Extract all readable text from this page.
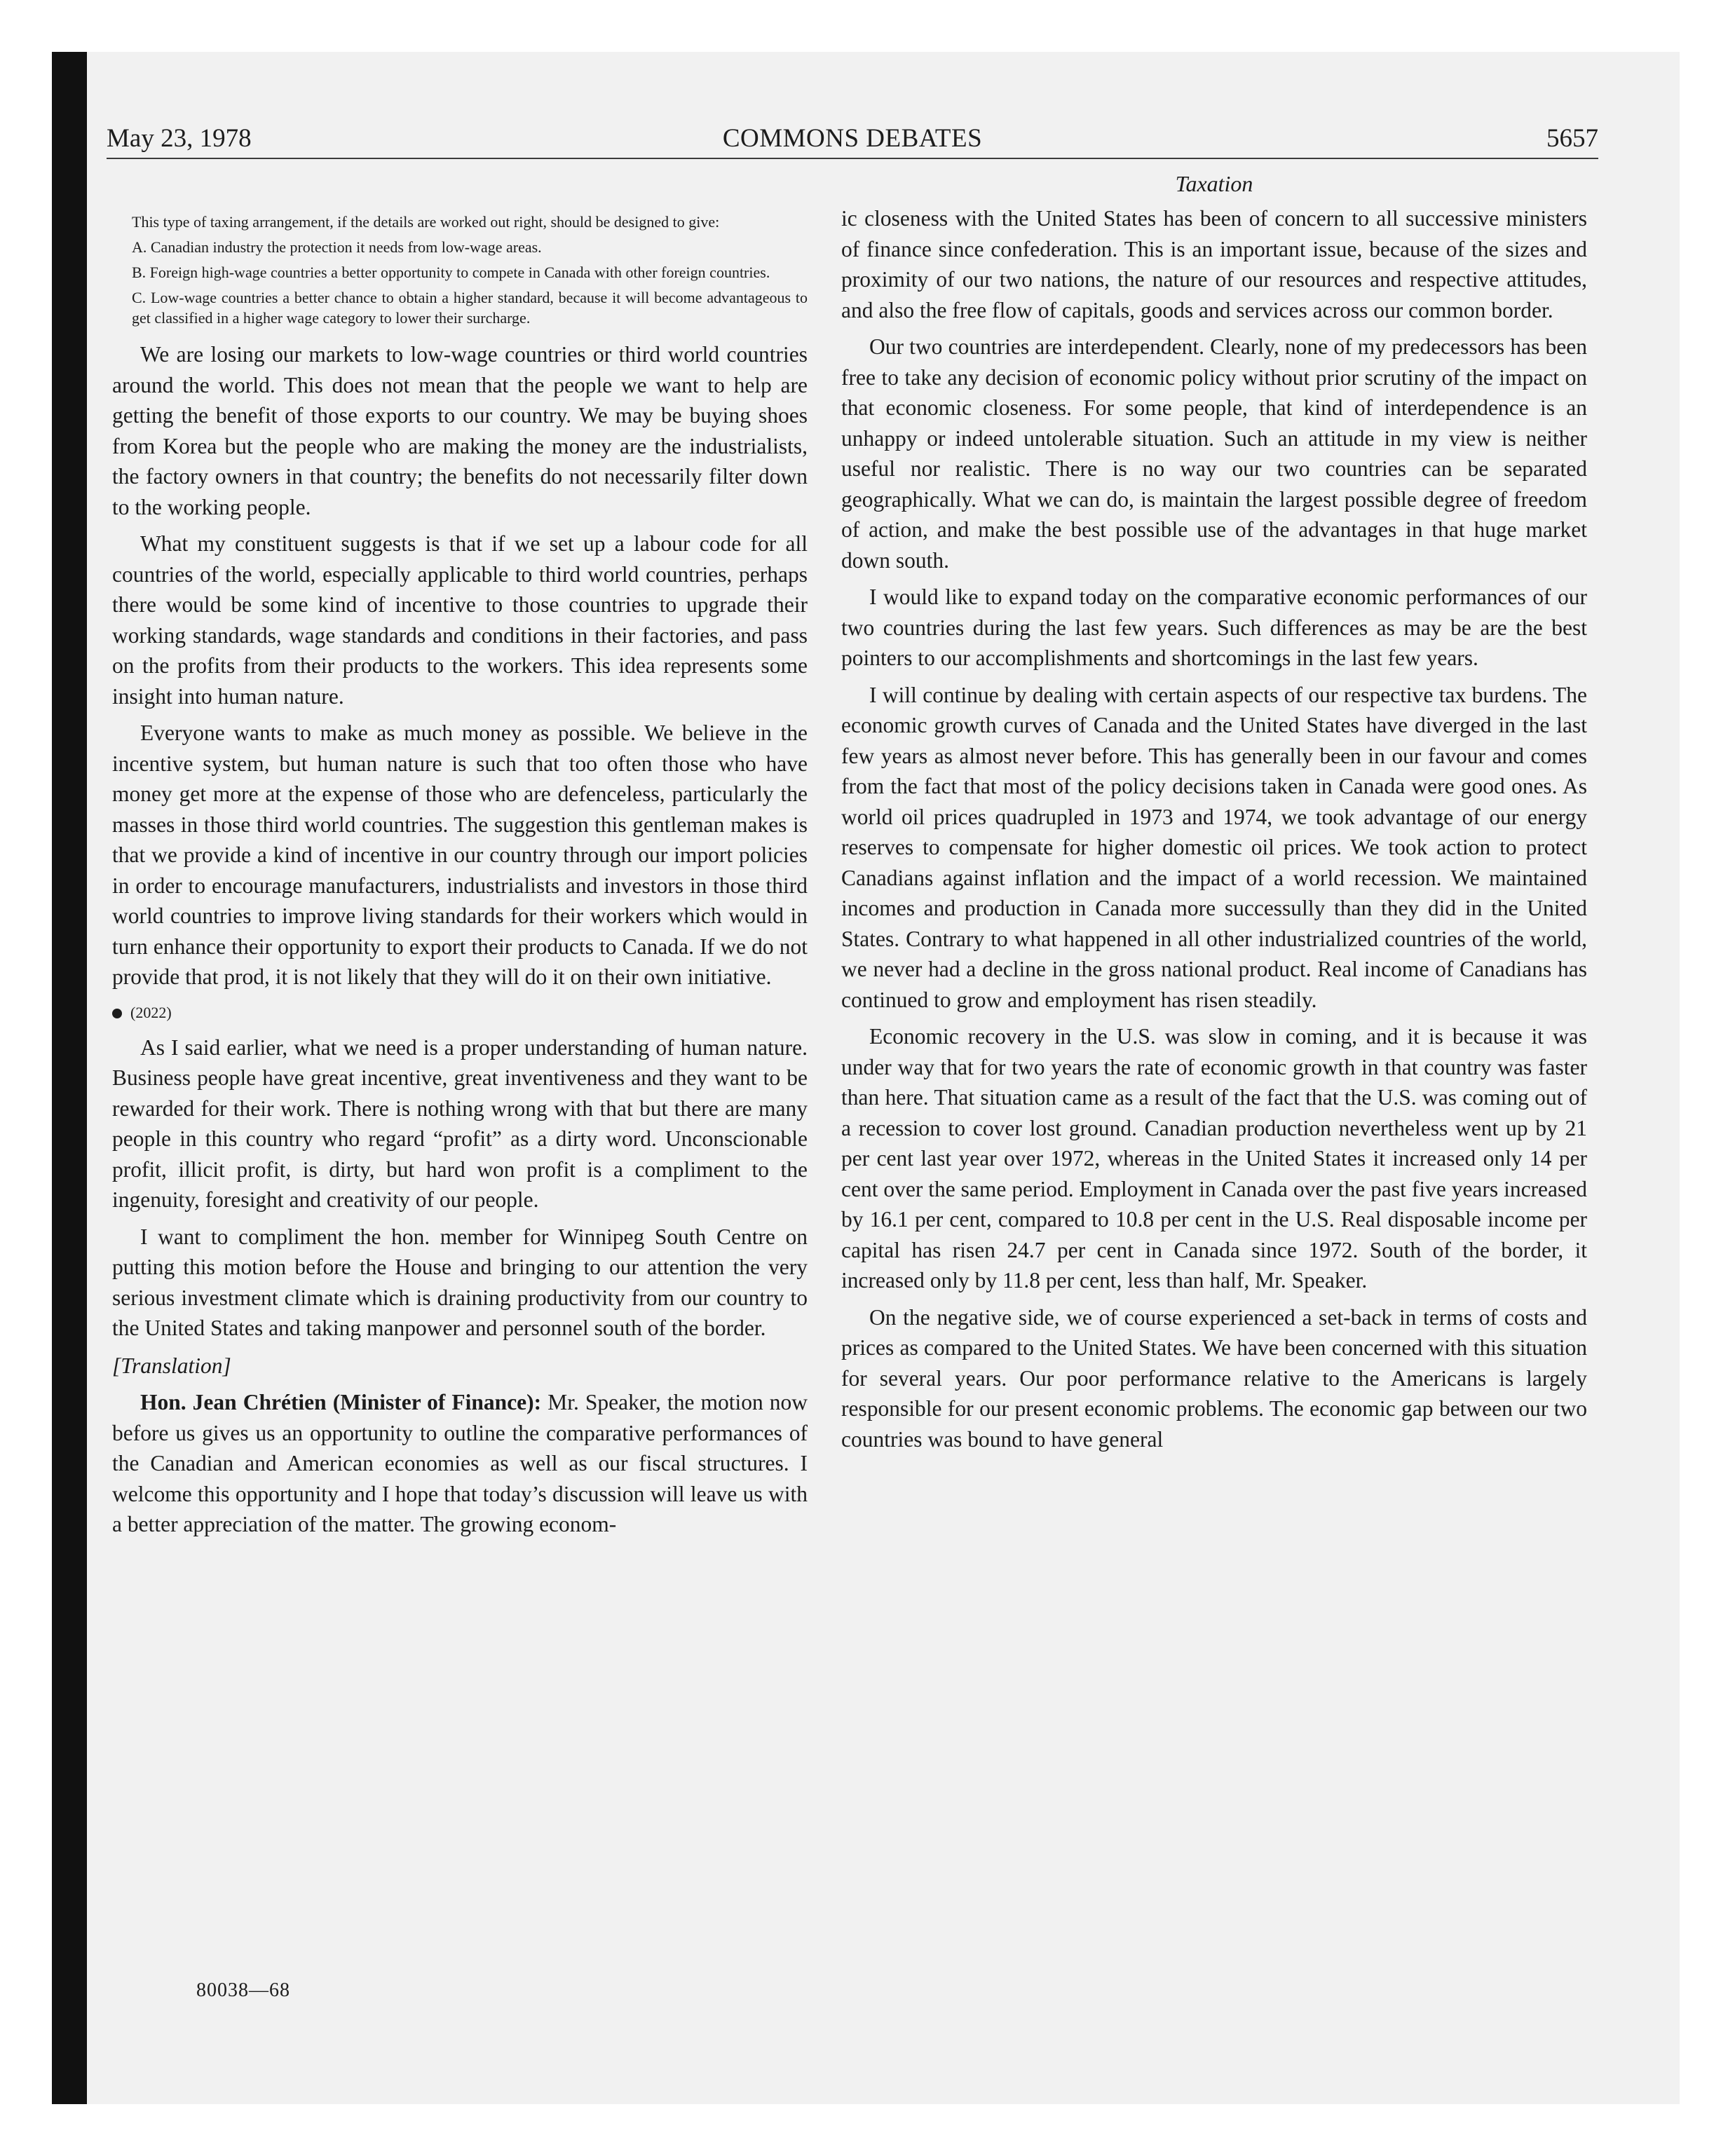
May 23, 1978	COMMONS DEBATES	5657
Taxation

This type of taxing arrangement, if the details are worked out right, should be designed to give:

A. Canadian industry the protection it needs from low-wage areas.

B. Foreign high-wage countries a better opportunity to compete in Canada with other foreign countries.

C. Low-wage countries a better chance to obtain a higher standard, because it will become advantageous to get classified in a higher wage category to lower their surcharge.

We are losing our markets to low-wage countries or third world countries around the world. This does not mean that the people we want to help are getting the benefit of those exports to our country. We may be buying shoes from Korea but the people who are making the money are the industrialists, the factory owners in that country; the benefits do not necessarily filter down to the working people.

What my constituent suggests is that if we set up a labour code for all countries of the world, especially applicable to third world countries, perhaps there would be some kind of incentive to those countries to upgrade their working standards, wage standards and conditions in their factories, and pass on the profits from their products to the workers. This idea represents some insight into human nature.

Everyone wants to make as much money as possible. We believe in the incentive system, but human nature is such that too often those who have money get more at the expense of those who are defenceless, particularly the masses in those third world countries. The suggestion this gentleman makes is that we provide a kind of incentive in our country through our import policies in order to encourage manufacturers, industrialists and investors in those third world countries to improve living standards for their workers which would in turn enhance their opportunity to export their products to Canada. If we do not provide that prod, it is not likely that they will do it on their own initiative.

(2022)

As I said earlier, what we need is a proper understanding of human nature. Business people have great incentive, great inventiveness and they want to be rewarded for their work. There is nothing wrong with that but there are many people in this country who regard “profit” as a dirty word. Unconscionable profit, illicit profit, is dirty, but hard won profit is a compliment to the ingenuity, foresight and creativity of our people.

I want to compliment the hon. member for Winnipeg South Centre on putting this motion before the House and bringing to our attention the very serious investment climate which is draining productivity from our country to the United States and taking manpower and personnel south of the border.

[Translation]

Hon. Jean Chrétien (Minister of Finance): Mr. Speaker, the motion now before us gives us an opportunity to outline the comparative performances of the Canadian and American economies as well as our fiscal structures. I welcome this opportunity and I hope that today’s discussion will leave us with a better appreciation of the matter. The growing econom-

ic closeness with the United States has been of concern to all successive ministers of finance since confederation. This is an important issue, because of the sizes and proximity of our two nations, the nature of our resources and respective attitudes, and also the free flow of capitals, goods and services across our common border.

Our two countries are interdependent. Clearly, none of my predecessors has been free to take any decision of economic policy without prior scrutiny of the impact on that economic closeness. For some people, that kind of interdependence is an unhappy or indeed untolerable situation. Such an attitude in my view is neither useful nor realistic. There is no way our two countries can be separated geographically. What we can do, is maintain the largest possible degree of freedom of action, and make the best possible use of the advantages in that huge market down south.

I would like to expand today on the comparative economic performances of our two countries during the last few years. Such differences as may be are the best pointers to our accomplishments and shortcomings in the last few years.

I will continue by dealing with certain aspects of our respective tax burdens. The economic growth curves of Canada and the United States have diverged in the last few years as almost never before. This has generally been in our favour and comes from the fact that most of the policy decisions taken in Canada were good ones. As world oil prices quadrupled in 1973 and 1974, we took advantage of our energy reserves to compensate for higher domestic oil prices. We took action to protect Canadians against inflation and the impact of a world recession. We maintained incomes and production in Canada more successully than they did in the United States. Contrary to what happened in all other industrialized countries of the world, we never had a decline in the gross national product. Real income of Canadians has continued to grow and employment has risen steadily.

Economic recovery in the U.S. was slow in coming, and it is because it was under way that for two years the rate of economic growth in that country was faster than here. That situation came as a result of the fact that the U.S. was coming out of a recession to cover lost ground. Canadian production nevertheless went up by 21 per cent last year over 1972, whereas in the United States it increased only 14 per cent over the same period. Employment in Canada over the past five years increased by 16.1 per cent, compared to 10.8 per cent in the U.S. Real disposable income per capital has risen 24.7 per cent in Canada since 1972. South of the border, it increased only by 11.8 per cent, less than half, Mr. Speaker.

On the negative side, we of course experienced a set-back in terms of costs and prices as compared to the United States. We have been concerned with this situation for several years. Our poor performance relative to the Americans is largely responsible for our present economic problems. The economic gap between our two countries was bound to have general

80038—68
